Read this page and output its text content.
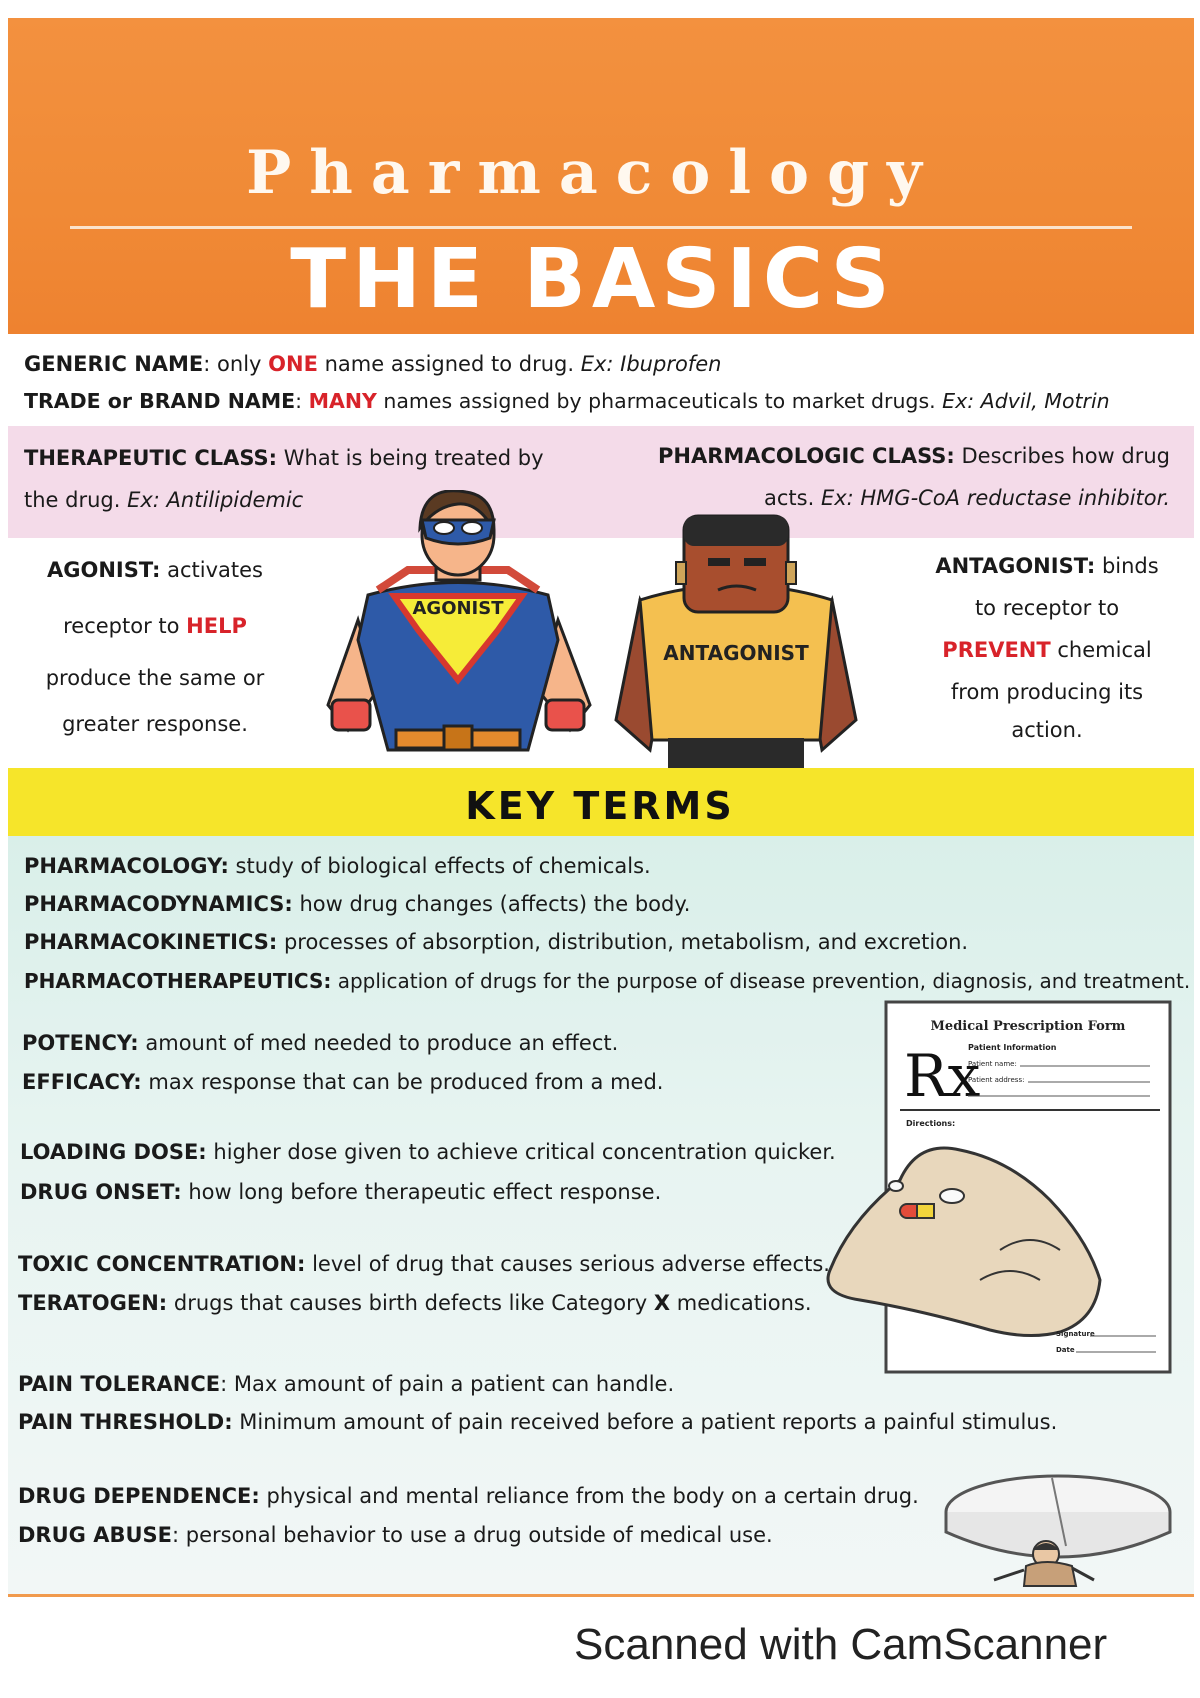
Pharmacology
THE BASICS
GENERIC NAME: only ONE name assigned to drug. Ex: Ibuprofen
TRADE or BRAND NAME: MANY names assigned by pharmaceuticals to market drugs. Ex: Advil, Motrin
THERAPEUTIC CLASS: What is being treated by
the drug. Ex: Antilipidemic
PHARMACOLOGIC CLASS: Describes how drug
acts. Ex: HMG-CoA reductase inhibitor.
AGONIST: activates
receptor to HELP
produce the same or
greater response.
ANTAGONIST: binds
to receptor to
PREVENT chemical
from producing its
action.
AGONIST
ANTAGONIST
KEY TERMS
PHARMACOLOGY: study of biological effects of chemicals.
PHARMACODYNAMICS: how drug changes (affects) the body.
PHARMACOKINETICS: processes of absorption, distribution, metabolism, and excretion.
PHARMACOTHERAPEUTICS: application of drugs for the purpose of disease prevention, diagnosis, and treatment.
POTENCY: amount of med needed to produce an effect.
EFFICACY: max response that can be produced from a med.
LOADING DOSE: higher dose given to achieve critical concentration quicker.
DRUG ONSET: how long before therapeutic effect response.
TOXIC CONCENTRATION: level of drug that causes serious adverse effects.
TERATOGEN: drugs that causes birth defects like Category X medications.
PAIN TOLERANCE: Max amount of pain a patient can handle.
PAIN THRESHOLD: Minimum amount of pain received before a patient reports a painful stimulus.
DRUG DEPENDENCE: physical and mental reliance from the body on a certain drug.
DRUG ABUSE: personal behavior to use a drug outside of medical use.
Medical Prescription Form
Rx
Patient Information
Patient name:
Patient address:
Directions:
Signature
Date
Scanned with CamScanner
